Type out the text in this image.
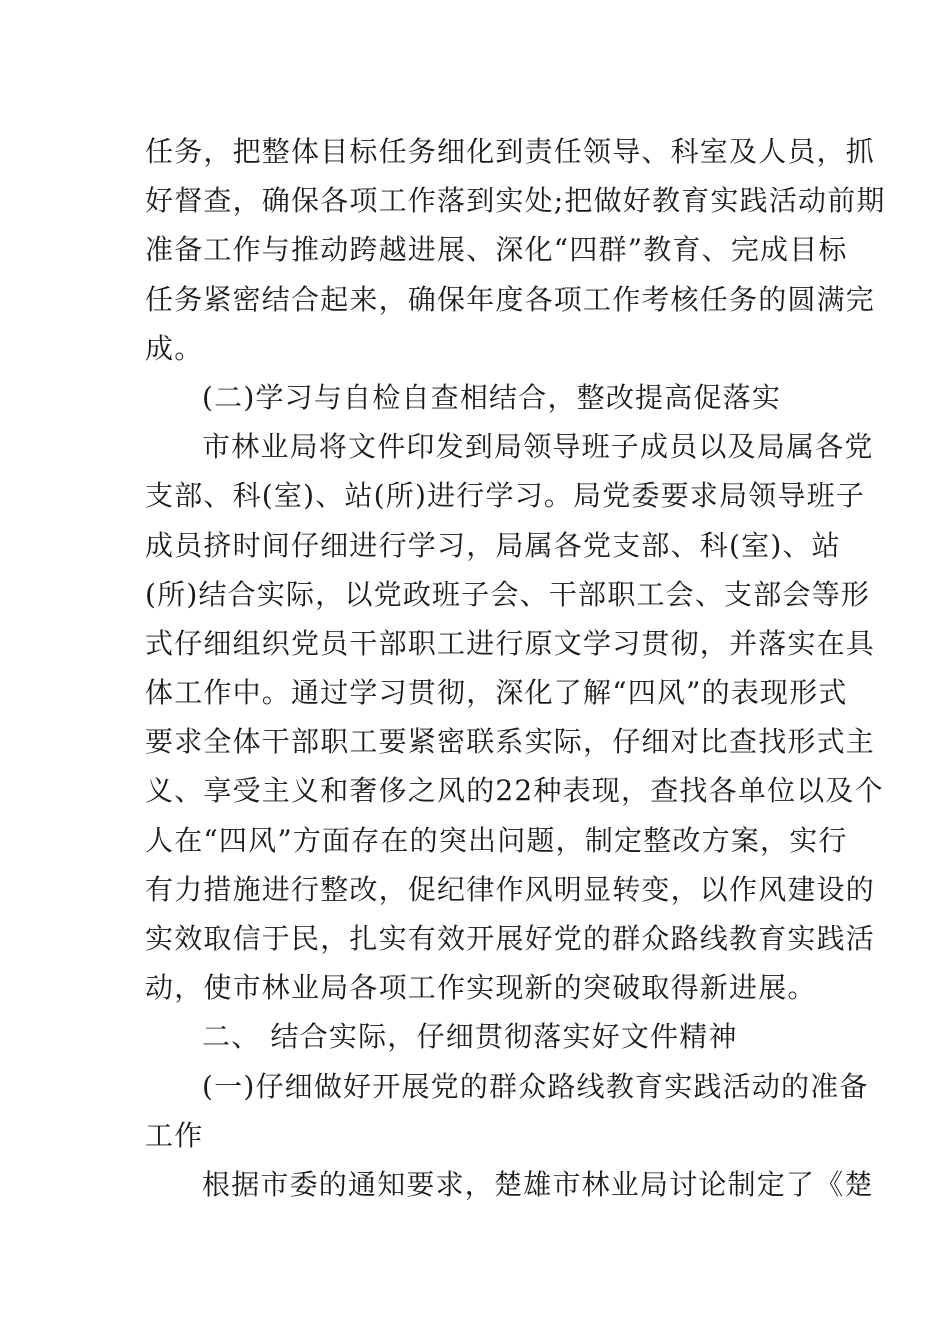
任务，把整体目标任务细化到责任领导、科室及人员，抓
好督查，确保各项工作落到实处;把做好教育实践活动前期
准备工作与推动跨越进展、深化“四群”教育、完成目标
任务紧密结合起来，确保年度各项工作考核任务的圆满完
成。
(二)学习与自检自查相结合，整改提高促落实
市林业局将文件印发到局领导班子成员以及局属各党
支部、科(室)、站(所)进行学习。局党委要求局领导班子
成员挤时间仔细进行学习，局属各党支部、科(室)、站
(所)结合实际，以党政班子会、干部职工会、支部会等形
式仔细组织党员干部职工进行原文学习贯彻，并落实在具
体工作中。通过学习贯彻，深化了解“四风”的表现形式
要求全体干部职工要紧密联系实际，仔细对比查找形式主
义、享受主义和奢侈之风的22种表现，查找各单位以及个
人在“四风”方面存在的突出问题，制定整改方案，实行
有力措施进行整改，促纪律作风明显转变，以作风建设的
实效取信于民，扎实有效开展好党的群众路线教育实践活
动，使市林业局各项工作实现新的突破取得新进展。
二、 结合实际，仔细贯彻落实好文件精神
(一)仔细做好开展党的群众路线教育实践活动的准备
工作
根据市委的通知要求，楚雄市林业局讨论制定了《楚
